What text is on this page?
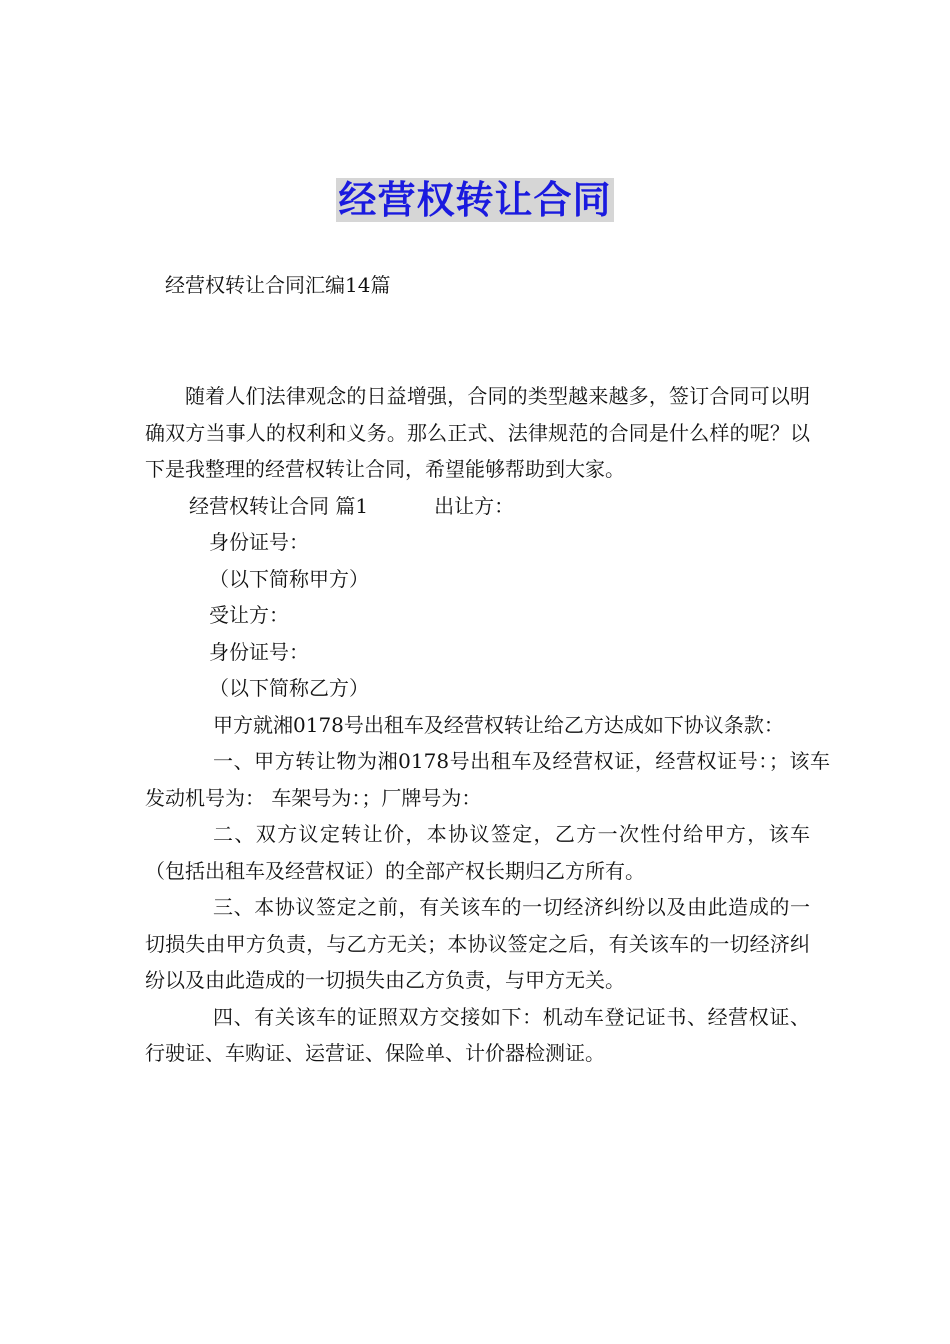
经营权转让合同
经营权转让合同汇编14篇

随着人们法律观念的日益增强，合同的类型越来越多，签订合同可以明确双方当事人的权利和义务。那么正式、法律规范的合同是什么样的呢？以下是我整理的经营权转让合同，希望能够帮助到大家。

经营权转让合同 篇1	出让方：

身份证号：

（以下简称甲方）

受让方：

身份证号：

（以下简称乙方）

甲方就湘0178号出租车及经营权转让给乙方达成如下协议条款：

一、甲方转让物为湘0178号出租车及经营权证，经营权证号：；该车发动机号为： 车架号为：；厂牌号为：

二、双方议定转让价，本协议签定，乙方一次性付给甲方，该车（包括出租车及经营权证）的全部产权长期归乙方所有。

三、本协议签定之前，有关该车的一切经济纠纷以及由此造成的一切损失由甲方负责，与乙方无关；本协议签定之后，有关该车的一切经济纠纷以及由此造成的一切损失由乙方负责，与甲方无关。

四、有关该车的证照双方交接如下：机动车登记证书、经营权证、行驶证、车购证、运营证、保险单、计价器检测证。
